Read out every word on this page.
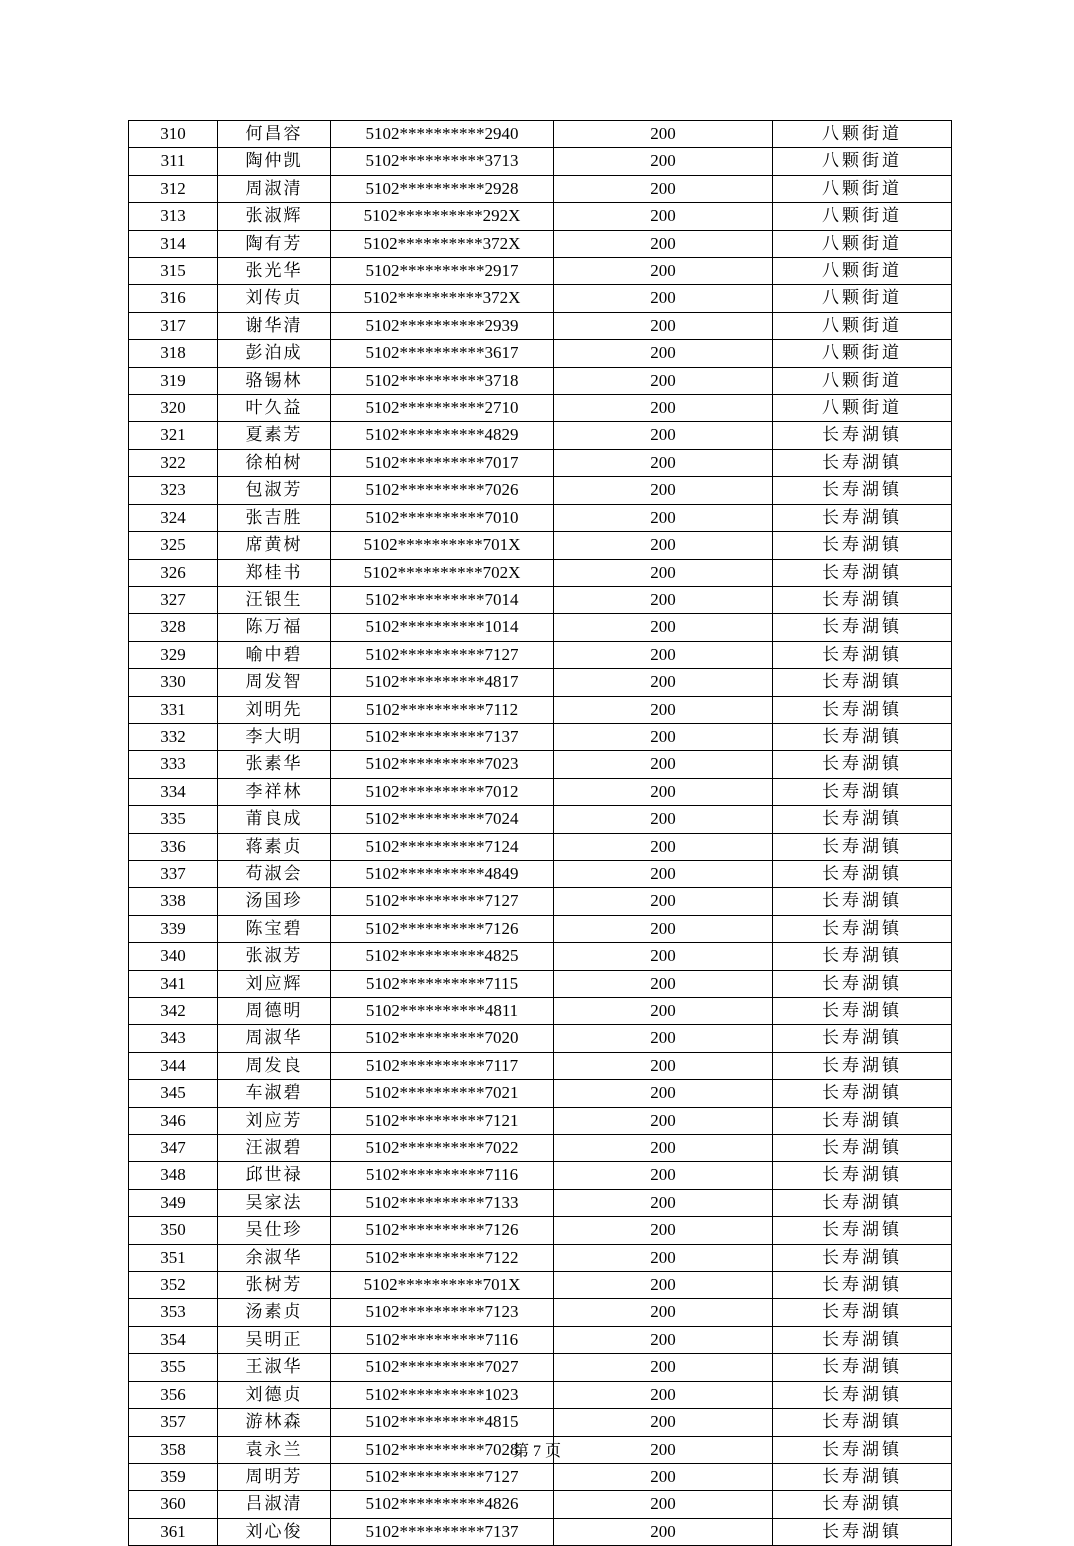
310	何昌容	5102**********2940	200	八颗街道
311	陶仲凯	5102**********3713	200	八颗街道
312	周淑清	5102**********2928	200	八颗街道
313	张淑辉	5102**********292X	200	八颗街道
314	陶有芳	5102**********372X	200	八颗街道
315	张光华	5102**********2917	200	八颗街道
316	刘传贞	5102**********372X	200	八颗街道
317	谢华清	5102**********2939	200	八颗街道
318	彭泊成	5102**********3617	200	八颗街道
319	骆锡林	5102**********3718	200	八颗街道
320	叶久益	5102**********2710	200	八颗街道
321	夏素芳	5102**********4829	200	长寿湖镇
322	徐柏树	5102**********7017	200	长寿湖镇
323	包淑芳	5102**********7026	200	长寿湖镇
324	张吉胜	5102**********7010	200	长寿湖镇
325	席黄树	5102**********701X	200	长寿湖镇
326	郑桂书	5102**********702X	200	长寿湖镇
327	汪银生	5102**********7014	200	长寿湖镇
328	陈万福	5102**********1014	200	长寿湖镇
329	喻中碧	5102**********7127	200	长寿湖镇
330	周发智	5102**********4817	200	长寿湖镇
331	刘明先	5102**********7112	200	长寿湖镇
332	李大明	5102**********7137	200	长寿湖镇
333	张素华	5102**********7023	200	长寿湖镇
334	李祥林	5102**********7012	200	长寿湖镇
335	莆良成	5102**********7024	200	长寿湖镇
336	蒋素贞	5102**********7124	200	长寿湖镇
337	苟淑会	5102**********4849	200	长寿湖镇
338	汤国珍	5102**********7127	200	长寿湖镇
339	陈宝碧	5102**********7126	200	长寿湖镇
340	张淑芳	5102**********4825	200	长寿湖镇
341	刘应辉	5102**********7115	200	长寿湖镇
342	周德明	5102**********4811	200	长寿湖镇
343	周淑华	5102**********7020	200	长寿湖镇
344	周发良	5102**********7117	200	长寿湖镇
345	车淑碧	5102**********7021	200	长寿湖镇
346	刘应芳	5102**********7121	200	长寿湖镇
347	汪淑碧	5102**********7022	200	长寿湖镇
348	邱世禄	5102**********7116	200	长寿湖镇
349	吴家法	5102**********7133	200	长寿湖镇
350	吴仕珍	5102**********7126	200	长寿湖镇
351	余淑华	5102**********7122	200	长寿湖镇
352	张树芳	5102**********701X	200	长寿湖镇
353	汤素贞	5102**********7123	200	长寿湖镇
354	吴明正	5102**********7116	200	长寿湖镇
355	王淑华	5102**********7027	200	长寿湖镇
356	刘德贞	5102**********1023	200	长寿湖镇
357	游林森	5102**********4815	200	长寿湖镇
358	袁永兰	5102**********7028	200	长寿湖镇
359	周明芳	5102**********7127	200	长寿湖镇
360	吕淑清	5102**********4826	200	长寿湖镇
361	刘心俊	5102**********7137	200	长寿湖镇
第 7 页
